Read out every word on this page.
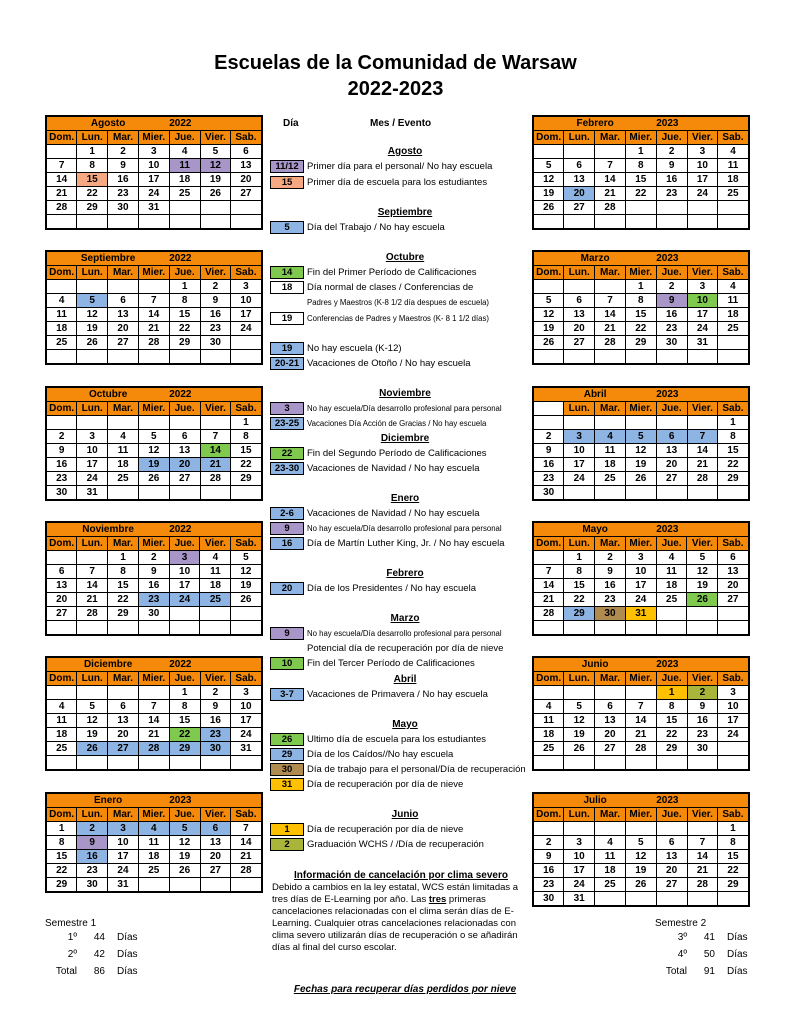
Escuelas de la Comunidad de Warsaw
2022-2023
Día	Mes / Evento
Agosto				2022		
Dom.	Lun.	Mar.	Mier.	Jue.	Vier.	Sab.
	1	2	3	4	5	6
7	8	9	10	11	12	13
14	15	16	17	18	19	20
21	22	23	24	25	26	27
28	29	30	31			

Septiembre				2022		
Dom.	Lun.	Mar.	Mier.	Jue.	Vier.	Sab.
				1	2	3
4	5	6	7	8	9	10
11	12	13	14	15	16	17
18	19	20	21	22	23	24
25	26	27	28	29	30	

Octubre				2022		
Dom.	Lun.	Mar.	Mier.	Jue.	Vier.	Sab.
						1
2	3	4	5	6	7	8
9	10	11	12	13	14	15
16	17	18	19	20	21	22
23	24	25	26	27	28	29
30	31					
Noviembre				2022		
Dom.	Lun.	Mar.	Mier.	Jue.	Vier.	Sab.
		1	2	3	4	5
6	7	8	9	10	11	12
13	14	15	16	17	18	19
20	21	22	23	24	25	26
27	28	29	30			

Diciembre				2022		
Dom.	Lun.	Mar.	Mier.	Jue.	Vier.	Sab.
				1	2	3
4	5	6	7	8	9	10
11	12	13	14	15	16	17
18	19	20	21	22	23	24
25	26	27	28	29	30	31

Enero				2023		
Dom.	Lun.	Mar.	Mier.	Jue.	Vier.	Sab.
1	2	3	4	5	6	7
8	9	10	11	12	13	14
15	16	17	18	19	20	21
22	23	24	25	26	27	28
29	30	31				
Febrero				2023		
Dom.	Lun.	Mar.	Mier.	Jue.	Vier.	Sab.
			1	2	3	4
5	6	7	8	9	10	11
12	13	14	15	16	17	18
19	20	21	22	23	24	25
26	27	28				

Marzo				2023		
Dom.	Lun.	Mar.	Mier.	Jue.	Vier.	Sab.
			1	2	3	4
5	6	7	8	9	10	11
12	13	14	15	16	17	18
19	20	21	22	23	24	25
26	27	28	29	30	31	

Abril				2023		
	Lun.	Mar.	Mier.	Jue.	Vier.	Sab.
						1
2	3	4	5	6	7	8
9	10	11	12	13	14	15
16	17	18	19	20	21	22
23	24	25	26	27	28	29
30						
Mayo				2023		
Dom.	Lun.	Mar.	Mier.	Jue.	Vier.	Sab.
	1	2	3	4	5	6
7	8	9	10	11	12	13
14	15	16	17	18	19	20
21	22	23	24	25	26	27
28	29	30	31			

Junio				2023		
Dom.	Lun.	Mar.	Mier.	Jue.	Vier.	Sab.
				1	2	3
4	5	6	7	8	9	10
11	12	13	14	15	16	17
18	19	20	21	22	23	24
25	26	27	28	29	30	

Julio				2023		
Dom.	Lun.	Mar.	Mier.	Jue.	Vier.	Sab.
						1
2	3	4	5	6	7	8
9	10	11	12	13	14	15
16	17	18	19	20	21	22
23	24	25	26	27	28	29
30	31					
Agosto
11/12 Primer día para el personal/ No hay escuela
15 Primer día de escuela para los estudiantes
Septiembre
5 Día del Trabajo / No hay escuela
Octubre
14 Fin del Primer Período de Calificaciones
18 Día normal de clases / Conferencias de
Padres y Maestros (K-8 1/2 día despues de escuela)
19 Conferencias de Padres y Maestros (K- 8 1 1/2 días)
19 No hay escuela (K-12)
20-21 Vacaciones de Otoño / No hay escuela
Noviembre
3 No hay escuela/Día desarrollo profesional para personal
23-25 Vacaciones Día Acción de Gracias / No hay escuela
Diciembre
22 Fin del Segundo Período de Calificaciones
23-30 Vacaciones de Navidad / No hay escuela
Enero
2-6 Vacaciones de Navidad / No hay escuela
9 No hay escuela/Día desarrollo profesional para personal
16 Día de Martín Luther King, Jr. / No hay escuela
Febrero
20 Día de los Presidentes / No hay escuela
Marzo
9 No hay escuela/Día desarrollo profesional para personal
Potencial día de recuperación por día de nieve
10 Fin del Tercer Período de Calificaciones
Abril
3-7 Vacaciones de Primavera / No hay escuela
Mayo
26 Ultimo día de escuela para los estudiantes
29 Día de los Caídos//No hay escuela
30 Día de trabajo para el personal/Día de recuperación
31 Día de recuperación por día de nieve
Junio
1 Día de recuperación por día de nieve
2 Graduación WCHS / /Día de recuperación
Información de cancelación por clima severo
Debido a cambios en la ley estatal, WCS están limitadas a tres días de E-Learning por año. Las tres primeras cancelaciones relacionadas con el clima serán días de E-Learning. Cualquier otras cancelaciones relacionadas con clima severo utilizarán días de recuperación o se añadirán días al final del curso escolar.
Semestre 1
1º 44 Días
2º 42 Días
Total 86 Días
Semestre 2
3º 41 Días
4º 50 Días
Total 91 Días
Fechas para recuperar días perdidos por nieve
